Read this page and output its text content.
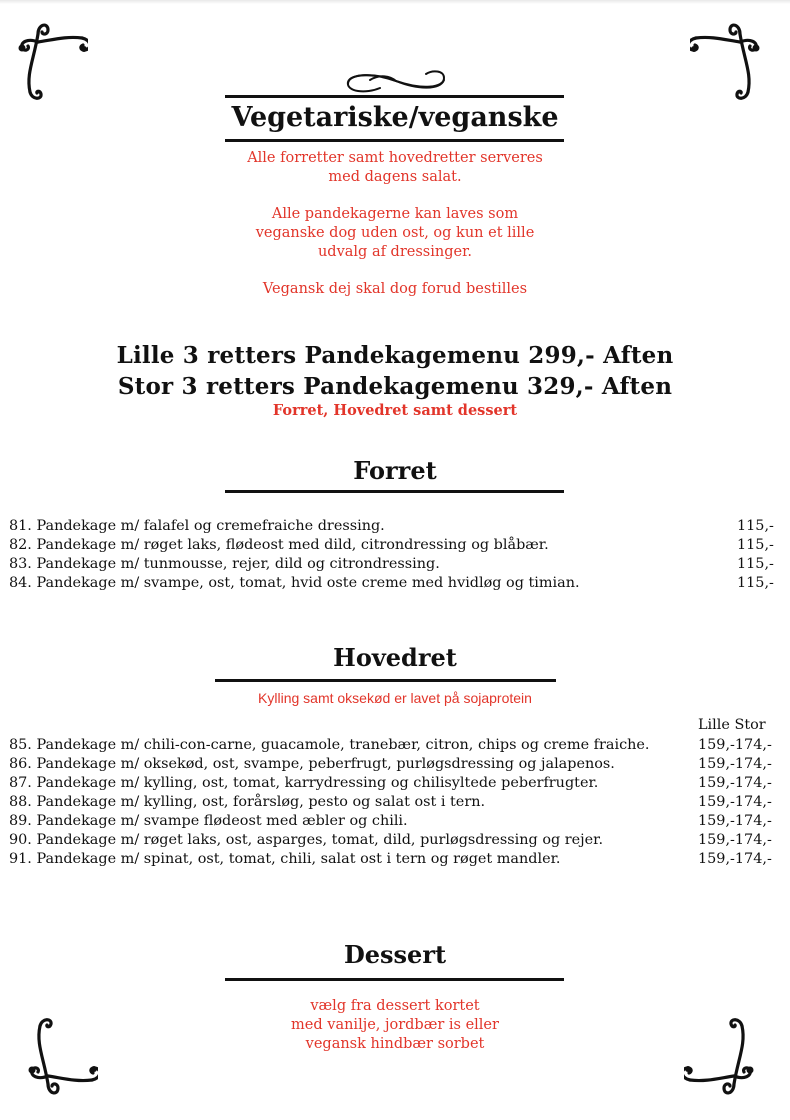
Vegetariske/veganske
Alle forretter samt hovedretter serveres
med dagens salat.
Alle pandekagerne kan laves som
veganske dog uden ost, og kun et lille
udvalg af dressinger.
Vegansk dej skal dog forud bestilles
Lille 3 retters Pandekagemenu 299,- Aften
Stor 3 retters Pandekagemenu 329,- Aften
Forret, Hovedret samt dessert
Forret
81. Pandekage m/ falafel og cremefraiche dressing.	115,-
82. Pandekage m/ røget laks, flødeost med dild, citrondressing og blåbær.	115,-
83. Pandekage m/ tunmousse, rejer, dild og citrondressing.	115,-
84. Pandekage m/ svampe, ost, tomat, hvid oste creme med hvidløg og timian.	115,-
Hovedret
Kylling samt oksekød er lavet på sojaprotein
Lille Stor
85. Pandekage m/ chili-con-carne, guacamole, tranebær, citron, chips og creme fraiche.	159,-174,-
86. Pandekage m/ oksekød, ost, svampe, peberfrugt, purløgsdressing og jalapenos.	159,-174,-
87. Pandekage m/ kylling, ost, tomat, karrydressing og chilisyltede peberfrugter.	159,-174,-
88. Pandekage m/ kylling, ost, forårsløg, pesto og salat ost i tern.	159,-174,-
89. Pandekage m/ svampe flødeost med æbler og chili.	159,-174,-
90. Pandekage m/ røget laks, ost, asparges, tomat, dild, purløgsdressing og rejer.	159,-174,-
91. Pandekage m/ spinat, ost, tomat, chili, salat ost i tern og røget mandler.	159,-174,-
Dessert
vælg fra dessert kortet
med vanilje, jordbær is eller
vegansk hindbær sorbet
